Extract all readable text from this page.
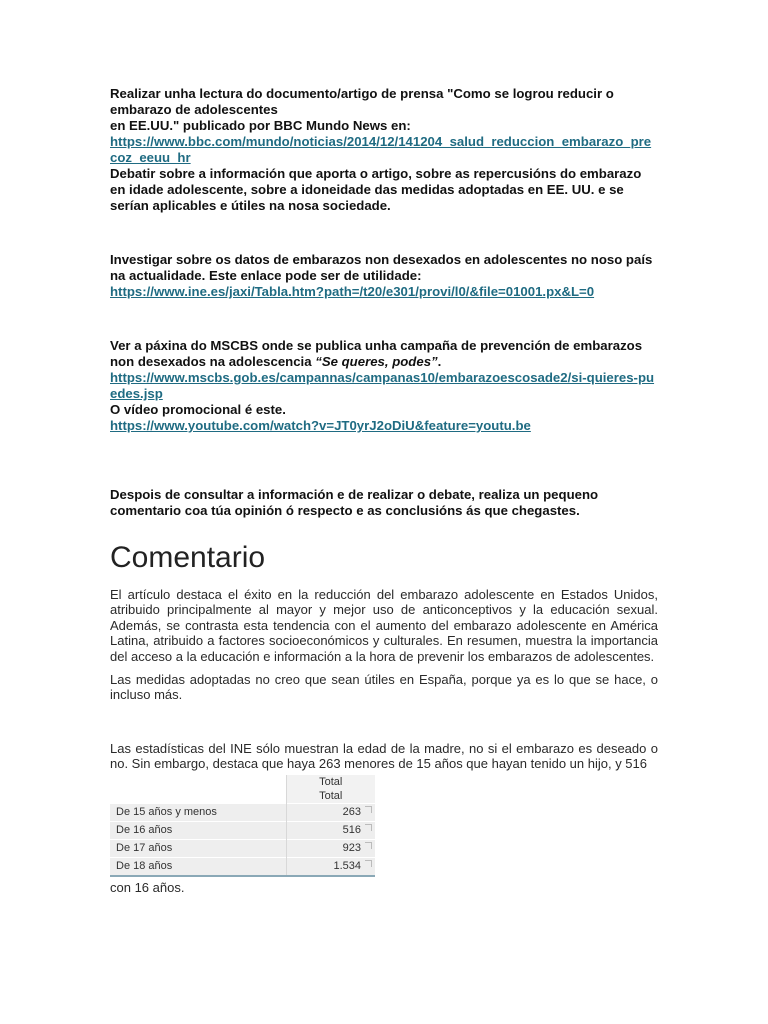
Realizar unha lectura do documento/artigo de prensa "Como se logrou reducir o embarazo de adolescentes
en EE.UU." publicado por BBC Mundo News en:
https://www.bbc.com/mundo/noticias/2014/12/141204_salud_reduccion_embarazo_precoz_eeuu_hr
Debatir sobre a información que aporta o artigo, sobre as repercusións do embarazo en idade adolescente, sobre a idoneidade das medidas adoptadas en EE. UU. e se serían aplicables e útiles na nosa sociedade.

Investigar sobre os datos de embarazos non desexados en adolescentes no noso país na actualidade. Este enlace pode ser de utilidade:
https://www.ine.es/jaxi/Tabla.htm?path=/t20/e301/provi/l0/&file=01001.px&L=0

Ver a páxina do MSCBS onde se publica unha campaña de prevención de embarazos non desexados na adolescencia “Se queres, podes”.
https://www.mscbs.gob.es/campannas/campanas10/embarazoescosade2/si-quieres-puedes.jsp
O vídeo promocional é este.
https://www.youtube.com/watch?v=JT0yrJ2oDiU&feature=youtu.be

Despois de consultar a información e de realizar o debate, realiza un pequeno comentario coa túa opinión ó respecto e as conclusións ás que chegastes.

Comentario

El artículo destaca el éxito en la reducción del embarazo adolescente en Estados Unidos, atribuido principalmente al mayor y mejor uso de anticonceptivos y la educación sexual. Además, se contrasta esta tendencia con el aumento del embarazo adolescente en América Latina, atribuido a factores socioeconómicos y culturales. En resumen, muestra la importancia del acceso a la educación e información a la hora de prevenir los embarazos de adolescentes.

Las medidas adoptadas no creo que sean útiles en España, porque ya es lo que se hace, o incluso más.

Las estadísticas del INE sólo muestran la edad de la madre, no si el embarazo es deseado o no. Sin embargo, destaca que haya 263 menores de 15 años que hayan tenido un hijo, y 516

	Total
	Total
De 15 años y menos	263

De 16 años	516

De 17 años	923

De 18 años	1.534

con 16 años.
